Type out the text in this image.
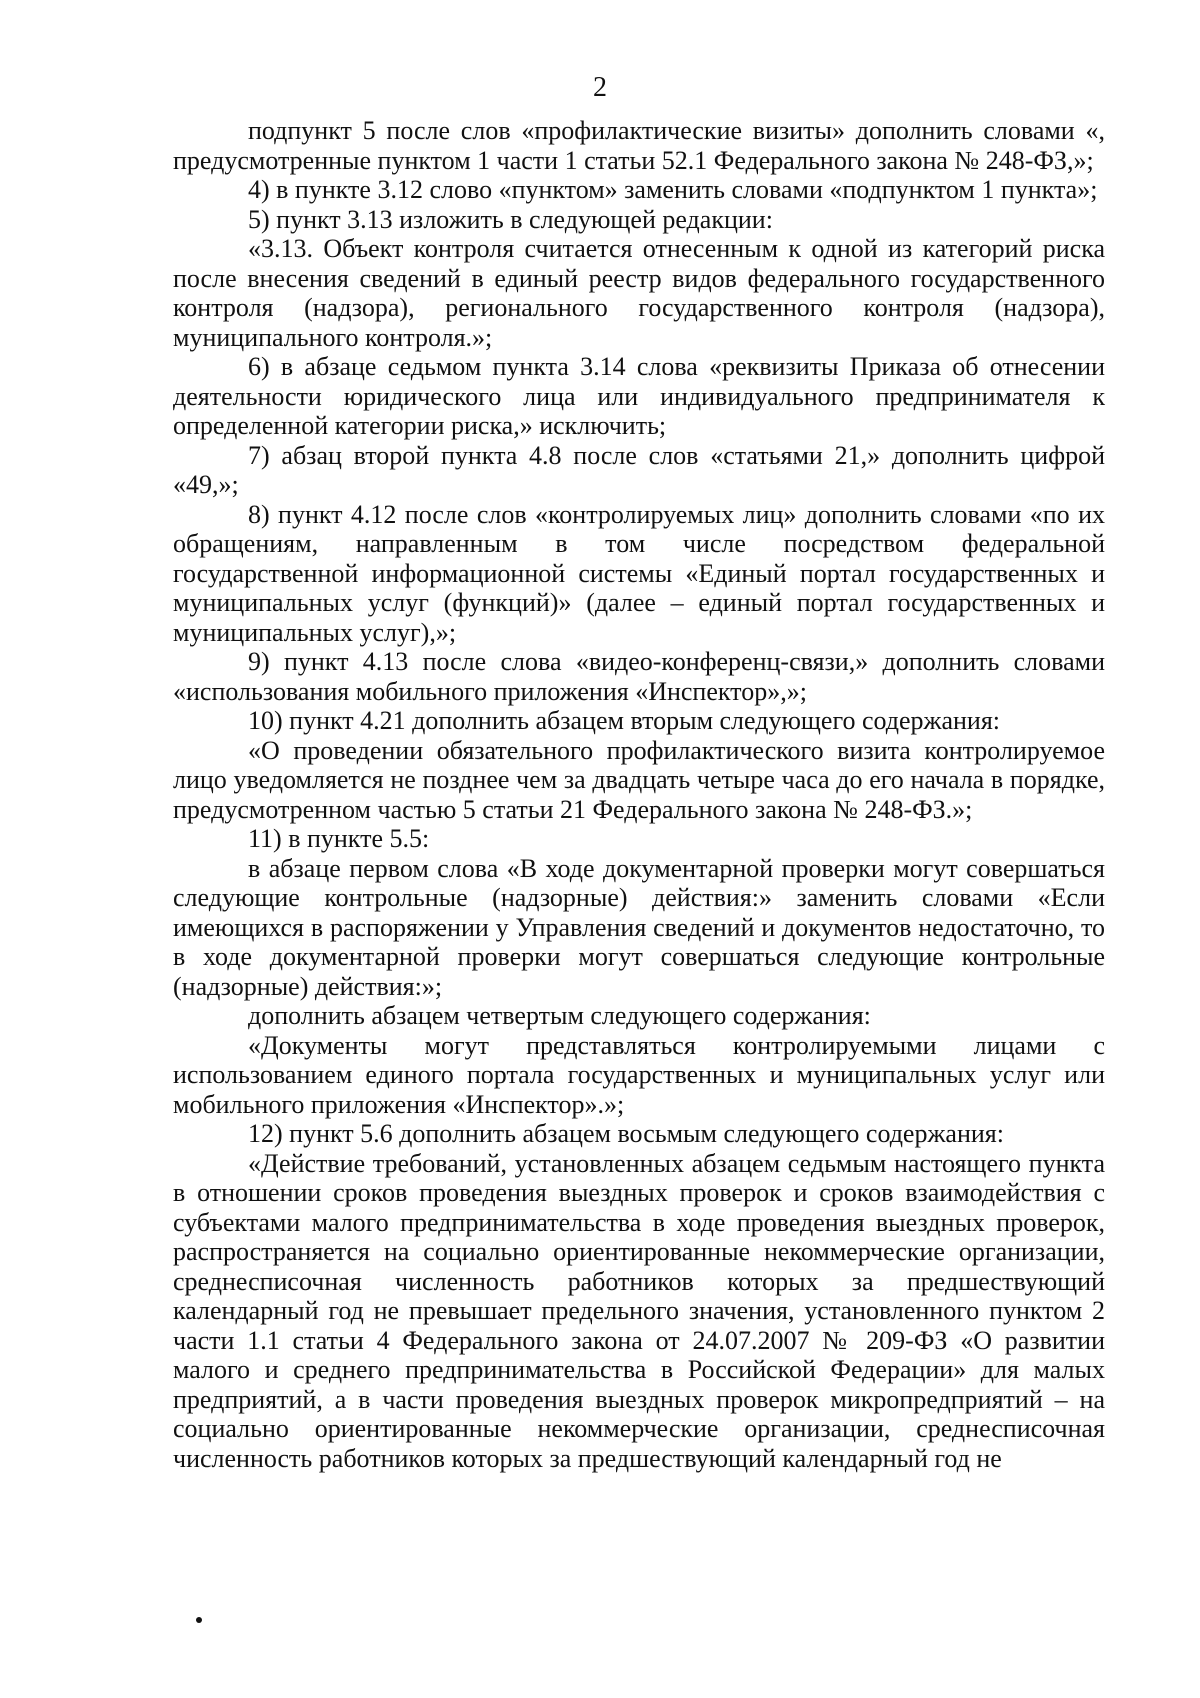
2

подпункт 5 после слов «профилактические визиты» дополнить словами «, предусмотренные пунктом 1 части 1 статьи 52.1 Федерального закона № 248-ФЗ,»;

4) в пункте 3.12 слово «пунктом» заменить словами «подпунктом 1 пункта»;

5) пункт 3.13 изложить в следующей редакции:

«3.13. Объект контроля считается отнесенным к одной из категорий риска после внесения сведений в единый реестр видов федерального государственного контроля (надзора), регионального государственного контроля (надзора), муниципального контроля.»;

6) в абзаце седьмом пункта 3.14 слова «реквизиты Приказа об отнесении деятельности юридического лица или индивидуального предпринимателя к определенной категории риска,» исключить;

7) абзац второй пункта 4.8 после слов «статьями 21,» дополнить цифрой «49,»;

8) пункт 4.12 после слов «контролируемых лиц» дополнить словами «по их обращениям, направленным в том числе посредством федеральной государственной информационной системы «Единый портал государственных и муниципальных услуг (функций)» (далее – единый портал государственных и муниципальных услуг),»;

9) пункт 4.13 после слова «видео-конференц-связи,» дополнить словами «использования мобильного приложения «Инспектор»,»;

10) пункт 4.21 дополнить абзацем вторым следующего содержания:

«О проведении обязательного профилактического визита контролируемое лицо уведомляется не позднее чем за двадцать четыре часа до его начала в порядке, предусмотренном частью 5 статьи 21 Федерального закона № 248-ФЗ.»;

11) в пункте 5.5:

в абзаце первом слова «В ходе документарной проверки могут совершаться следующие контрольные (надзорные) действия:» заменить словами «Если имеющихся в распоряжении у Управления сведений и документов недостаточно, то в ходе документарной проверки могут совершаться следующие контрольные (надзорные) действия:»;

дополнить абзацем четвертым следующего содержания:

«Документы могут представляться контролируемыми лицами с использованием единого портала государственных и муниципальных услуг или мобильного приложения «Инспектор».»;

12) пункт 5.6 дополнить абзацем восьмым следующего содержания:

«Действие требований, установленных абзацем седьмым настоящего пункта в отношении сроков проведения выездных проверок и сроков взаимодействия с субъектами малого предпринимательства в ходе проведения выездных проверок, распространяется на социально ориентированные некоммерческие организации, среднесписочная численность работников которых за предшествующий календарный год не превышает предельного значения, установленного пунктом 2 части 1.1 статьи 4 Федерального закона от 24.07.2007 № 209-ФЗ «О развитии малого и среднего предпринимательства в Российской Федерации» для малых предприятий, а в части проведения выездных проверок микропредприятий – на социально ориентированные некоммерческие организации, среднесписочная численность работников которых за предшествующий календарный год не
